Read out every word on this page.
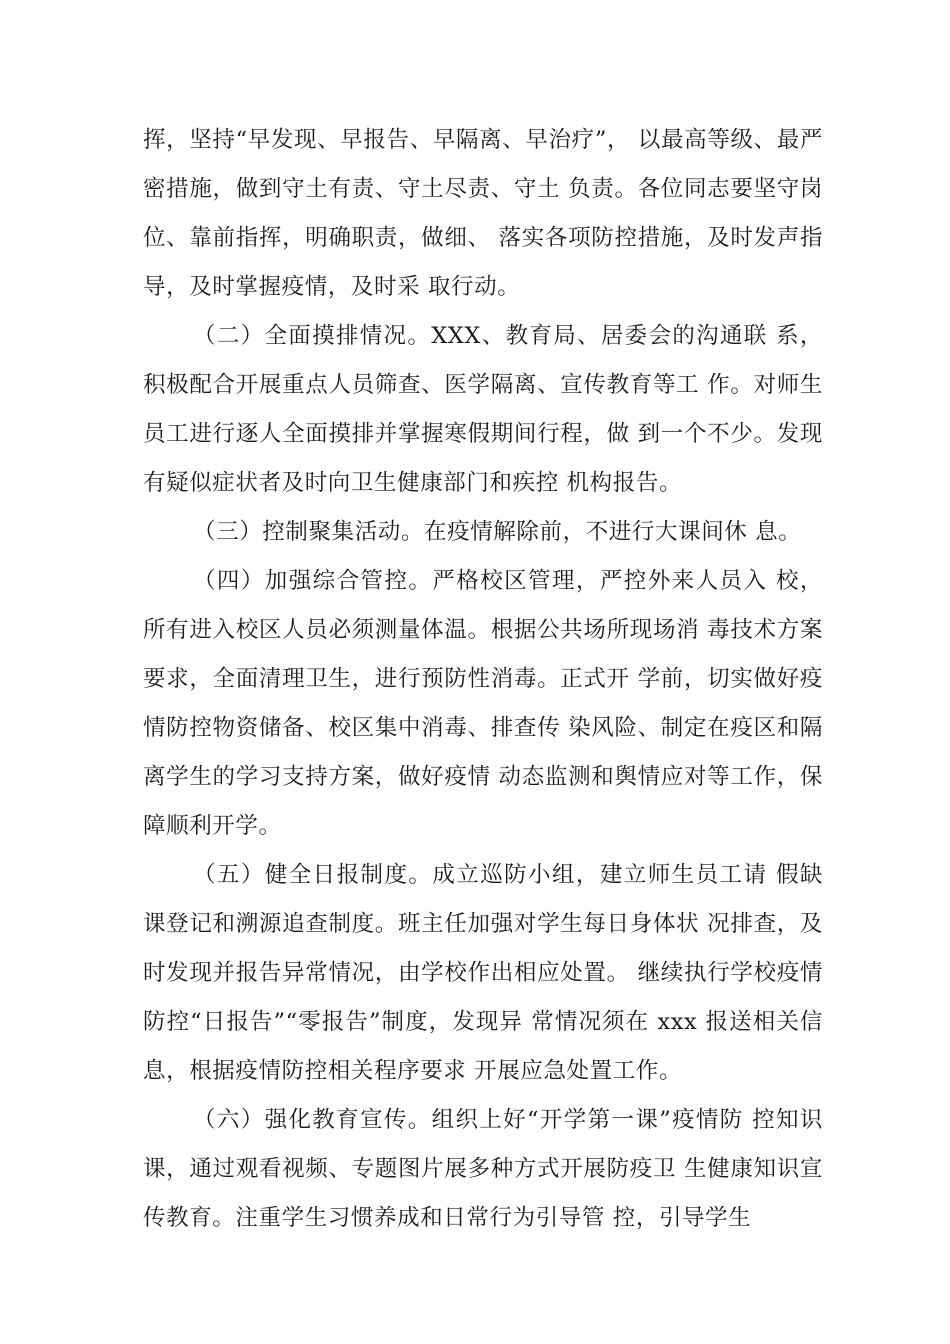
挥，坚持“早发现、早报告、早隔离、早治疗”， 以最高等级、最严密措施，做到守土有责、守土尽责、守土 负责。各位同志要坚守岗位、靠前指挥，明确职责，做细、 落实各项防控措施，及时发声指导，及时掌握疫情，及时采 取行动。

（二）全面摸排情况。XXX、教育局、居委会的沟通联 系，积极配合开展重点人员筛查、医学隔离、宣传教育等工 作。对师生员工进行逐人全面摸排并掌握寒假期间行程，做 到一个不少。发现有疑似症状者及时向卫生健康部门和疾控 机构报告。

（三）控制聚集活动。在疫情解除前，不进行大课间休 息。

（四）加强综合管控。严格校区管理，严控外来人员入 校，所有进入校区人员必须测量体温。根据公共场所现场消 毒技术方案要求，全面清理卫生，进行预防性消毒。正式开 学前，切实做好疫情防控物资储备、校区集中消毒、排查传 染风险、制定在疫区和隔离学生的学习支持方案，做好疫情 动态监测和舆情应对等工作，保障顺利开学。

（五）健全日报制度。成立巡防小组，建立师生员工请 假缺课登记和溯源追查制度。班主任加强对学生每日身体状 况排查，及时发现并报告异常情况，由学校作出相应处置。 继续执行学校疫情防控“日报告”“零报告”制度，发现异 常情况须在 xxx 报送相关信息，根据疫情防控相关程序要求 开展应急处置工作。

（六）强化教育宣传。组织上好“开学第一课”疫情防 控知识课，通过观看视频、专题图片展多种方式开展防疫卫 生健康知识宣传教育。注重学生习惯养成和日常行为引导管 控，引导学生
